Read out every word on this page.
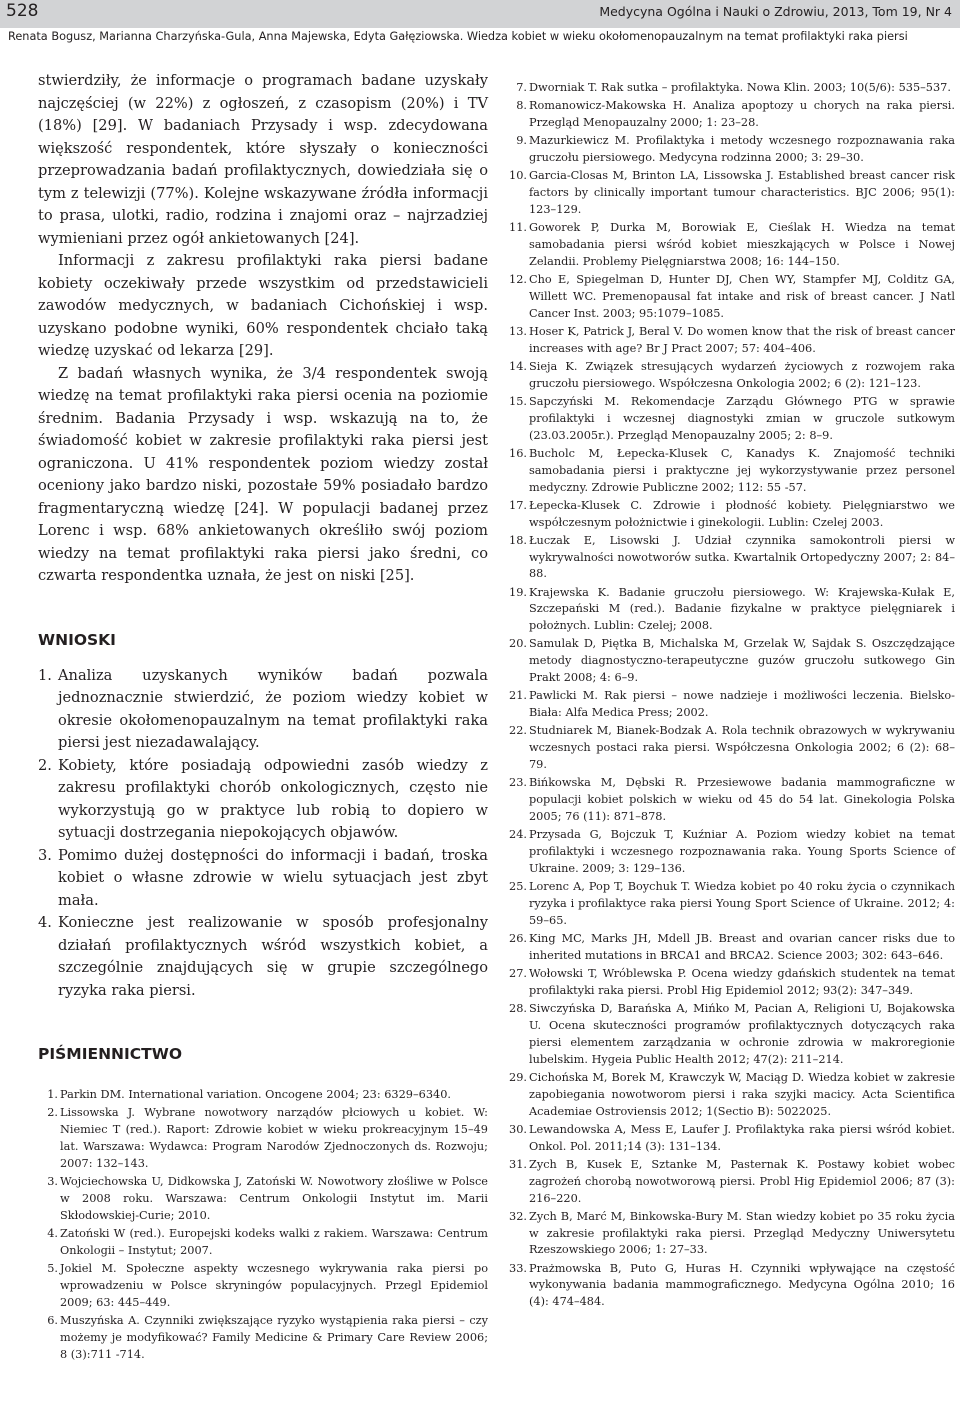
528	Medycyna Ogólna i Nauki o Zdrowiu, 2013, Tom 19, Nr 4
Renata Bogusz, Marianna Charzyńska-Gula, Anna Majewska, Edyta Gałęziowska. Wiedza kobiet w wieku okołomenopauzalnym na temat profilaktyki raka piersi

stwierdziły, że informacje o programach badane uzyskały najczęściej (w 22%) z ogłoszeń, z czasopism (20%) i TV (18%) [29]. W badaniach Przysady i wsp. zdecydowana większość respondentek, które słyszały o konieczności przeprowadzania badań profilaktycznych, dowiedziała się o tym z telewizji (77%). Kolejne wskazywane źródła informacji to prasa, ulotki, radio, rodzina i znajomi oraz – najrzadziej wymieniani przez ogół ankietowanych [24].

Informacji z zakresu profilaktyki raka piersi badane kobiety oczekiwały przede wszystkim od przedstawicieli zawodów medycznych, w badaniach Cichońskiej i wsp. uzyskano podobne wyniki, 60% respondentek chciało taką wiedzę uzyskać od lekarza [29].

Z badań własnych wynika, że 3/4 respondentek swoją wiedzę na temat profilaktyki raka piersi ocenia na poziomie średnim. Badania Przysady i wsp. wskazują na to, że świadomość kobiet w zakresie profilaktyki raka piersi jest ograniczona. U 41% respondentek poziom wiedzy został oceniony jako bardzo niski, pozostałe 59% posiadało bardzo fragmentaryczną wiedzę [24]. W populacji badanej przez Lorenc i wsp. 68% ankietowanych określiło swój poziom wiedzy na temat profilaktyki raka piersi jako średni, co czwarta respondentka uznała, że jest on niski [25].

WNIOSKI
1. Analiza uzyskanych wyników badań pozwala jednoznacznie stwierdzić, że poziom wiedzy kobiet w okresie okołomenopauzalnym na temat profilaktyki raka piersi jest niezadawalający.
2. Kobiety, które posiadają odpowiedni zasób wiedzy z zakresu profilaktyki chorób onkologicznych, często nie wykorzystują go w praktyce lub robią to dopiero w sytuacji dostrzegania niepokojących objawów.
3. Pomimo dużej dostępności do informacji i badań, troska kobiet o własne zdrowie w wielu sytuacjach jest zbyt mała.
4. Konieczne jest realizowanie w sposób profesjonalny działań profilaktycznych wśród wszystkich kobiet, a szczególnie znajdujących się w grupie szczególnego ryzyka raka piersi.
PIŚMIENNICTWO
1. Parkin DM. International variation. Oncogene 2004; 23: 6329–6340.
2. Lissowska J. Wybrane nowotwory narządów płciowych u kobiet. W: Niemiec T (red.). Raport: Zdrowie kobiet w wieku prokreacyjnym 15–49 lat. Warszawa: Wydawca: Program Narodów Zjednoczonych ds. Rozwoju; 2007: 132–143.
3. Wojciechowska U, Didkowska J, Zatoński W. Nowotwory złośliwe w Polsce w 2008 roku. Warszawa: Centrum Onkologii Instytut im. Marii Skłodowskiej-Curie; 2010.
4. Zatoński W (red.). Europejski kodeks walki z rakiem. Warszawa: Centrum Onkologii – Instytut; 2007.
5. Jokiel M. Społeczne aspekty wczesnego wykrywania raka piersi po wprowadzeniu w Polsce skryningów populacyjnych. Przegl Epidemiol 2009; 63: 445–449.
6. Muszyńska A. Czynniki zwiększające ryzyko wystąpienia raka piersi – czy możemy je modyfikować? Family Medicine & Primary Care Review 2006; 8 (3):711 -714.
7. Dworniak T. Rak sutka – profilaktyka. Nowa Klin. 2003; 10(5/6): 535–537.
8. Romanowicz-Makowska H. Analiza apoptozy u chorych na raka piersi. Przegląd Menopauzalny 2000; 1: 23–28.
9. Mazurkiewicz M. Profilaktyka i metody wczesnego rozpoznawania raka gruczołu piersiowego. Medycyna rodzinna 2000; 3: 29–30.
10. Garcia-Closas M, Brinton LA, Lissowska J. Established breast cancer risk factors by clinically important tumour characteristics. BJC 2006; 95(1): 123–129.
11. Goworek P, Durka M, Borowiak E, Cieślak H. Wiedza na temat samobadania piersi wśród kobiet mieszkających w Polsce i Nowej Zelandii. Problemy Pielęgniarstwa 2008; 16: 144–150.
12. Cho E, Spiegelman D, Hunter DJ, Chen WY, Stampfer MJ, Colditz GA, Willett WC. Premenopausal fat intake and risk of breast cancer. J Natl Cancer Inst. 2003; 95:1079–1085.
13. Hoser K, Patrick J, Beral V. Do women know that the risk of breast cancer increases with age? Br J Pract 2007; 57: 404–406.
14. Sieja K. Związek stresujących wydarzeń życiowych z rozwojem raka gruczołu piersiowego. Współczesna Onkologia 2002; 6 (2): 121–123.
15. Sapczyński M. Rekomendacje Zarządu Głównego PTG w sprawie profilaktyki i wczesnej diagnostyki zmian w gruczole sutkowym (23.03.2005r.). Przegląd Menopauzalny 2005; 2: 8–9.
16. Bucholc M, Łepecka-Klusek C, Kanadys K. Znajomość techniki samobadania piersi i praktyczne jej wykorzystywanie przez personel medyczny. Zdrowie Publiczne 2002; 112: 55 -57.
17. Łepecka-Klusek C. Zdrowie i płodność kobiety. Pielęgniarstwo we współczesnym położnictwie i ginekologii. Lublin: Czelej 2003.
18. Łuczak E, Lisowski J. Udział czynnika samokontroli piersi w wykrywalności nowotworów sutka. Kwartalnik Ortopedyczny 2007; 2: 84–88.
19. Krajewska K. Badanie gruczołu piersiowego. W: Krajewska-Kułak E, Szczepański M (red.). Badanie fizykalne w praktyce pielęgniarek i położnych. Lublin: Czelej; 2008.
20. Samulak D, Piętka B, Michalska M, Grzelak W, Sajdak S. Oszczędzające metody diagnostyczno-terapeutyczne guzów gruczołu sutkowego Gin Prakt 2008; 4: 6–9.
21. Pawlicki M. Rak piersi – nowe nadzieje i możliwości leczenia. Bielsko-Biała: Alfa Medica Press; 2002.
22. Studniarek M, Bianek-Bodzak A. Rola technik obrazowych w wykrywaniu wczesnych postaci raka piersi. Współczesna Onkologia 2002; 6 (2): 68–79.
23. Bińkowska M, Dębski R. Przesiewowe badania mammograficzne w populacji kobiet polskich w wieku od 45 do 54 lat. Ginekologia Polska 2005; 76 (11): 871–878.
24. Przysada G, Bojczuk T, Kuźniar A. Poziom wiedzy kobiet na temat profilaktyki i wczesnego rozpoznawania raka. Young Sports Science of Ukraine. 2009; 3: 129–136.
25. Lorenc A, Pop T, Boychuk T. Wiedza kobiet po 40 roku życia o czynnikach ryzyka i profilaktyce raka piersi Young Sport Science of Ukraine. 2012; 4: 59–65.
26. King MC, Marks JH, Mdell JB. Breast and ovarian cancer risks due to inherited mutations in BRCA1 and BRCA2. Science 2003; 302: 643–646.
27. Wołowski T, Wróblewska P. Ocena wiedzy gdańskich studentek na temat profilaktyki raka piersi. Probl Hig Epidemiol 2012; 93(2): 347–349.
28. Siwczyńska D, Barańska A, Mińko M, Pacian A, Religioni U, Bojakowska U. Ocena skuteczności programów profilaktycznych dotyczących raka piersi elementem zarządzania w ochronie zdrowia w makroregionie lubelskim. Hygeia Public Health 2012; 47(2): 211–214.
29. Cichońska M, Borek M, Krawczyk W, Maciąg D. Wiedza kobiet w zakresie zapobiegania nowotworom piersi i raka szyjki macicy. Acta Scientifica Academiae Ostroviensis 2012; 1(Sectio B): 5022025.
30. Lewandowska A, Mess E, Laufer J. Profilaktyka raka piersi wśród kobiet. Onkol. Pol. 2011;14 (3): 131–134.
31. Zych B, Kusek E, Sztanke M, Pasternak K. Postawy kobiet wobec zagrożeń chorobą nowotworową piersi. Probl Hig Epidemiol 2006; 87 (3): 216–220.
32. Zych B, Marć M, Binkowska-Bury M. Stan wiedzy kobiet po 35 roku życia w zakresie profilaktyki raka piersi. Przegląd Medyczny Uniwersytetu Rzeszowskiego 2006; 1: 27–33.
33. Prażmowska B, Puto G, Huras H. Czynniki wpływające na częstość wykonywania badania mammograficznego. Medycyna Ogólna 2010; 16 (4): 474–484.
